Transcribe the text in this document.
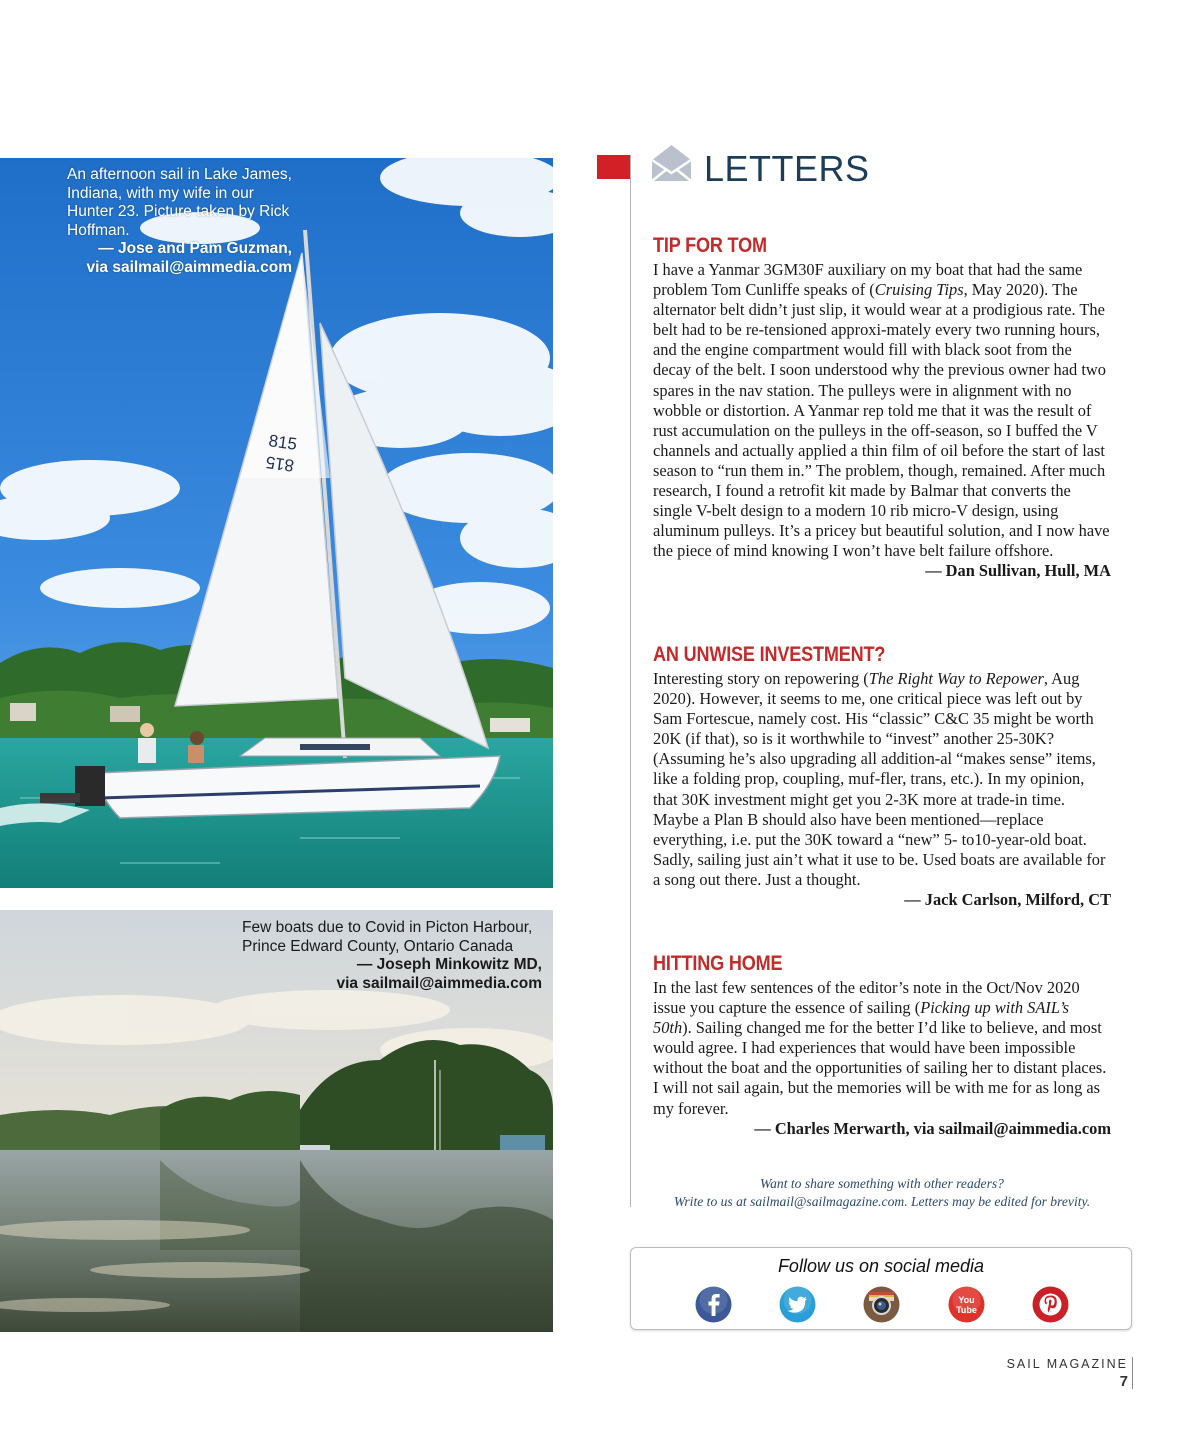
815
815
An afternoon sail in Lake James, Indiana, with my wife in our Hunter 23. Picture taken by Rick Hoffman.
— Jose and Pam Guzman,
via sailmail@aimmedia.com
Few boats due to Covid in Picton Harbour, Prince Edward County, Ontario Canada
— Joseph Minkowitz MD,
via sailmail@aimmedia.com
LETTERS
TIP FOR TOM

I have a Yanmar 3GM30F auxiliary on my boat that had the same problem Tom Cunliffe speaks of (Cruising Tips, May 2020). The alternator belt didn’t just slip, it would wear at a prodigious rate. The belt had to be re-tensioned approxi-mately every two running hours, and the engine compartment would fill with black soot from the decay of the belt. I soon understood why the previous owner had two spares in the nav station. The pulleys were in alignment with no wobble or distortion. A Yanmar rep told me that it was the result of rust accumulation on the pulleys in the off-season, so I buffed the V channels and actually applied a thin film of oil before the start of last season to “run them in.” The problem, though, remained. After much research, I found a retrofit kit made by Balmar that converts the single V-belt design to a modern 10 rib micro-V design, using aluminum pulleys. It’s a pricey but beautiful solution, and I now have the piece of mind knowing I won’t have belt failure offshore.

— Dan Sullivan, Hull, MA

AN UNWISE INVESTMENT?

Interesting story on repowering (The Right Way to Repower, Aug 2020). However, it seems to me, one critical piece was left out by Sam Fortescue, namely cost. His “classic” C&C 35 might be worth 20K (if that), so is it worthwhile to “invest” another 25-30K? (Assuming he’s also upgrading all addition-al “makes sense” items, like a folding prop, coupling, muf-fler, trans, etc.). In my opinion, that 30K investment might get you 2-3K more at trade-in time. Maybe a Plan B should also have been mentioned—replace everything, i.e. put the 30K toward a “new” 5- to10-year-old boat. Sadly, sailing just ain’t what it use to be. Used boats are available for a song out there. Just a thought.

— Jack Carlson, Milford, CT

HITTING HOME

In the last few sentences of the editor’s note in the Oct/Nov 2020 issue you capture the essence of sailing (Picking up with SAIL’s 50th). Sailing changed me for the better I’d like to believe, and most would agree. I had experiences that would have been impossible without the boat and the opportunities of sailing her to distant places. I will not sail again, but the memories will be with me for as long as my forever.

— Charles Merwarth, via sailmail@aimmedia.com

Want to share something with other readers?
Write to us at sailmail@sailmagazine.com. Letters may be edited for brevity.
Follow us on social media
You
Tube
SAIL MAGAZINE
7
